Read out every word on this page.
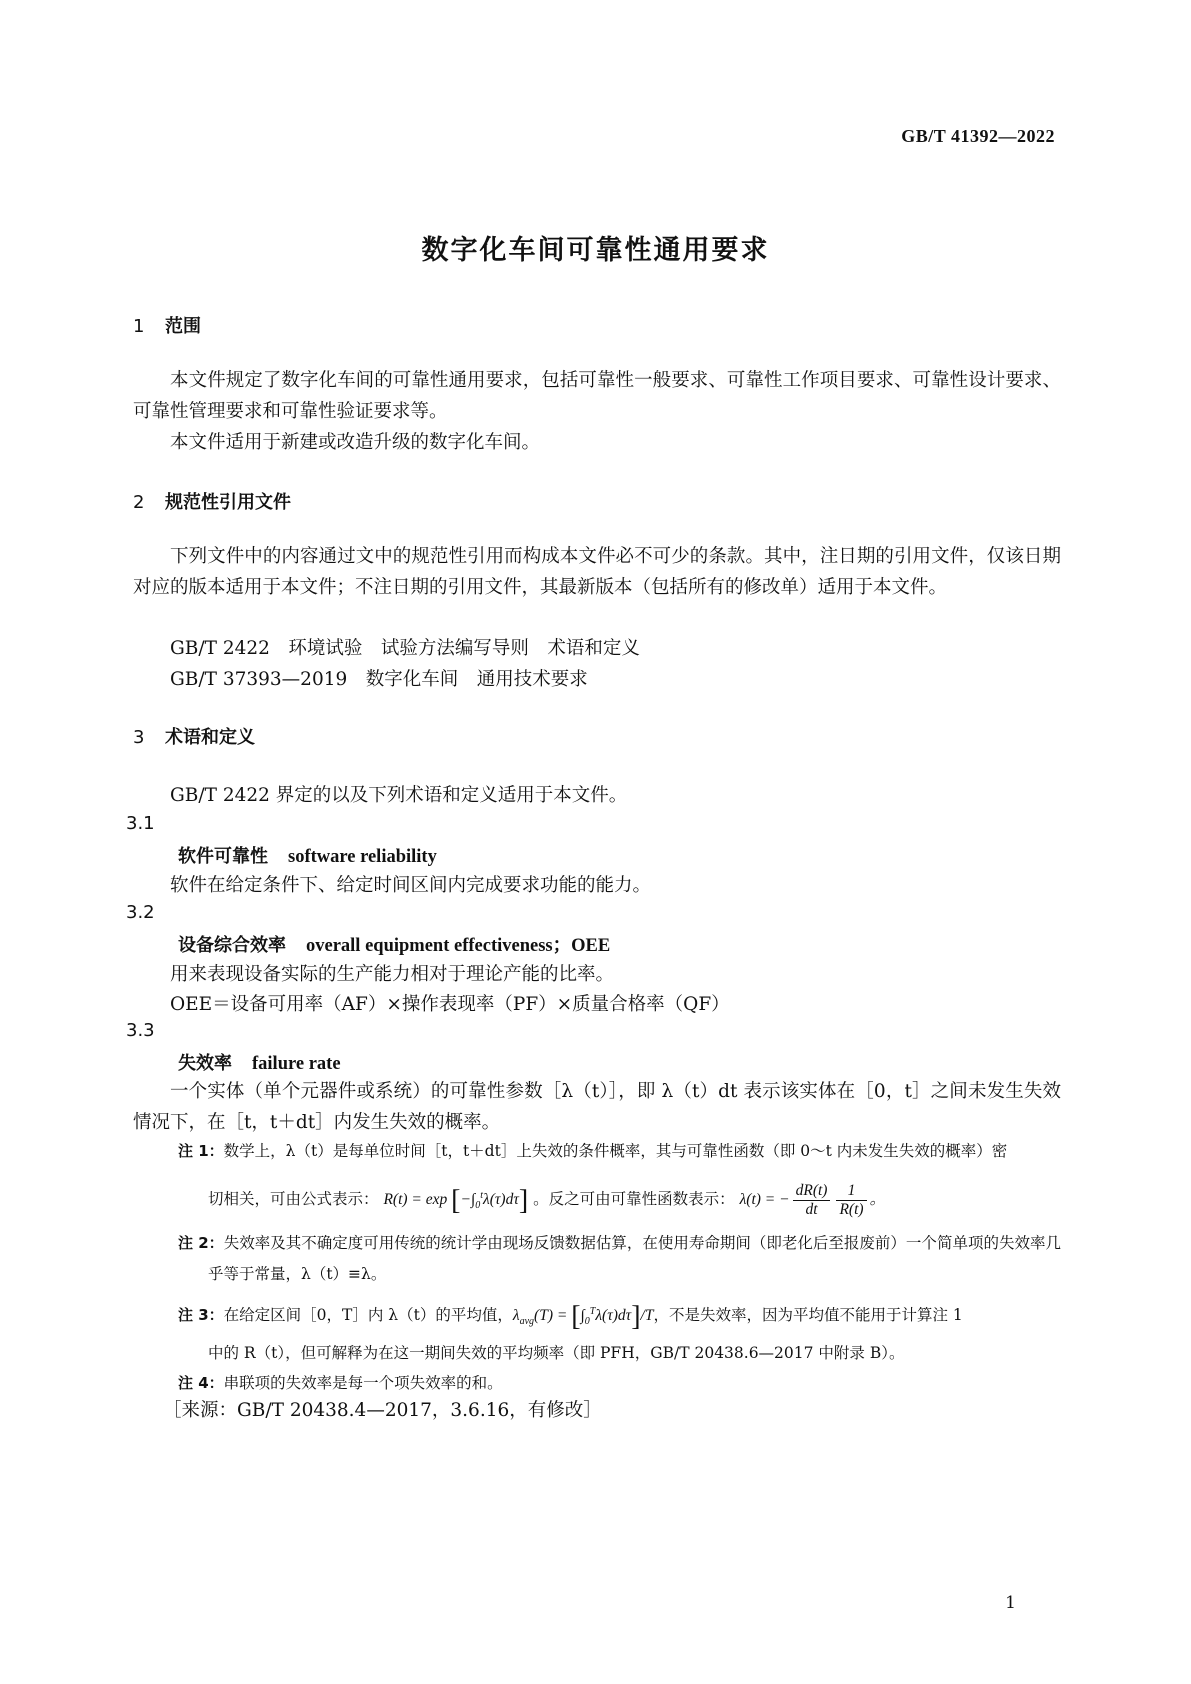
GB/T 41392—2022
数字化车间可靠性通用要求
1 范围
本文件规定了数字化车间的可靠性通用要求，包括可靠性一般要求、可靠性工作项目要求、可靠性设计要求、可靠性管理要求和可靠性验证要求等。
本文件适用于新建或改造升级的数字化车间。
2 规范性引用文件
下列文件中的内容通过文中的规范性引用而构成本文件必不可少的条款。其中，注日期的引用文件，仅该日期对应的版本适用于本文件；不注日期的引用文件，其最新版本（包括所有的修改单）适用于本文件。
GB/T 2422　环境试验　试验方法编写导则　术语和定义
GB/T 37393—2019　数字化车间　通用技术要求
3 术语和定义
GB/T 2422 界定的以及下列术语和定义适用于本文件。
3.1
软件可靠性 software reliability
软件在给定条件下、给定时间区间内完成要求功能的能力。
3.2
设备综合效率 overall equipment effectiveness；OEE
用来表现设备实际的生产能力相对于理论产能的比率。
OEE＝设备可用率（AF）×操作表现率（PF）×质量合格率（QF）
3.3
失效率 failure rate
一个实体（单个元器件或系统）的可靠性参数［λ（t）］，即 λ（t）dt 表示该实体在［0，t］之间未发生失效情况下，在［t，t＋dt］内发生失效的概率。
注 1：数学上，λ（t）是每单位时间［t，t＋dt］上失效的条件概率，其与可靠性函数（即 0～t 内未发生失效的概率）密
切相关，可由公式表示： $R(t) = \exp [-\int_0^t\lambda(\tau)d\tau]$ 。反之可由可靠性函数表示： λ(t) = − $\frac{dR(t)}{dt} \frac{1}{R(t)}$ 。
注 2：失效率及其不确定度可用传统的统计学由现场反馈数据估算，在使用寿命期间（即老化后至报废前）一个简单项的失效率几乎等于常量，λ（t）≡λ。
注 3：在给定区间［0，T］内 λ（t）的平均值，$\lambda_{avg}(T) = [\int_0^T\lambda(\tau)d\tau]/T$，不是失效率，因为平均值不能用于计算注 1
中的 R（t），但可解释为在这一期间失效的平均频率（即 PFH，GB/T 20438.6—2017 中附录 B）。
注 4：串联项的失效率是每一个项失效率的和。
［来源：GB/T 20438.4—2017，3.6.16，有修改］
1
